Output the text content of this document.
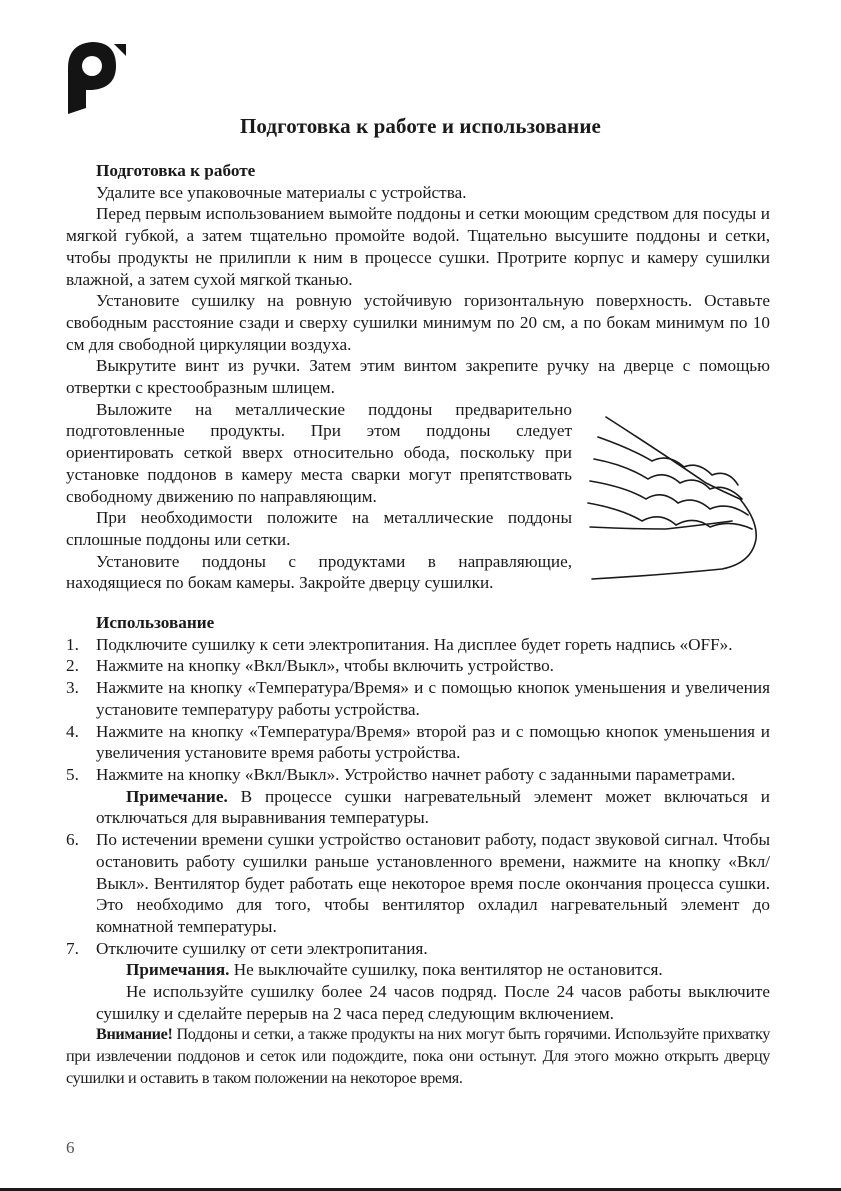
Подготовка к работе и использование
Подготовка к работе

Удалите все упаковочные материалы с устройства.

Перед первым использованием вымойте поддоны и сетки моющим средством для посуды и мягкой губкой, а затем тщательно промойте водой. Тщательно высушите поддоны и сетки, чтобы продукты не прилипли к ним в процессе сушки. Протрите корпус и камеру сушилки влажной, а затем сухой мягкой тканью.

Установите сушилку на ровную устойчивую горизонтальную поверхность. Оставьте свободным расстояние сзади и сверху сушилки минимум по 20 см, а по бокам минимум по 10 см для свободной циркуляции воздуха.

Выкрутите винт из ручки. Затем этим винтом закрепите ручку на дверце с помощью отвертки с крестообразным шлицем.

Выложите на металлические поддоны предварительно подготовленные продукты. При этом поддоны следует ориентировать сеткой вверх относительно обода, поскольку при установке поддонов в камеру места сварки могут препятствовать свободному движению по направляющим.

При необходимости положите на металлические поддоны сплошные поддоны или сетки.

Установите поддоны с продуктами в направляющие, находящиеся по бокам камеры. Закройте дверцу сушилки.

Использование
1. Подключите сушилку к сети электропитания. На дисплее будет гореть надпись «OFF».
2. Нажмите на кнопку «Вкл/Выкл», чтобы включить устройство.
3. Нажмите на кнопку «Температура/Время» и с помощью кнопок уменьшения и увеличения установите температуру работы устройства.
4. Нажмите на кнопку «Температура/Время» второй раз и с помощью кнопок уменьшения и увеличения установите время работы устройства.
5. Нажмите на кнопку «Вкл/Выкл». Устройство начнет работу с заданными параметрами.

Примечание. В процессе сушки нагревательный элемент может включаться и отключаться для выравнивания температуры.

6. По истечении времени сушки устройство остановит работу, подаст звуковой сигнал. Чтобы остановить работу сушилки раньше установленного времени, нажмите на кнопку «Вкл/Выкл». Вентилятор будет работать еще некоторое время после окончания процесса сушки. Это необходимо для того, чтобы вентилятор охладил нагревательный элемент до комнатной температуры.
7. Отключите сушилку от сети электропитания.

Примечания. Не выключайте сушилку, пока вентилятор не остановится.

Не используйте сушилку более 24 часов подряд. После 24 часов работы выключите сушилку и сделайте перерыв на 2 часа перед следующим включением.

Внимание! Поддоны и сетки, а также продукты на них могут быть горячими. Используйте прихватку при извлечении поддонов и сеток или подождите, пока они остынут. Для этого можно открыть дверцу сушилки и оставить в таком положении на некоторое время.

6
